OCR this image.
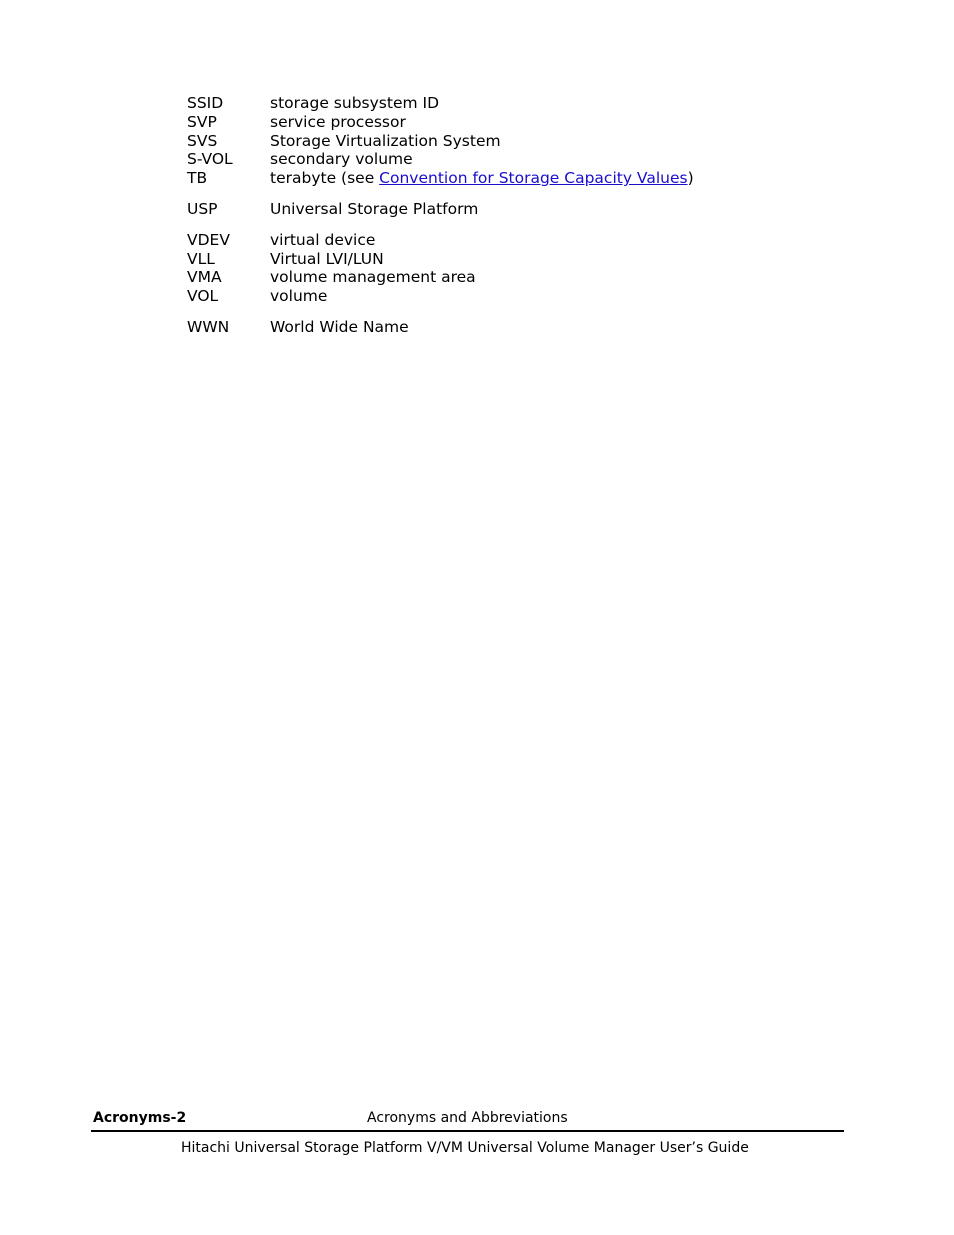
SSID	storage subsystem ID
SVP	service processor
SVS	Storage Virtualization System
S-VOL	secondary volume
TB	terabyte (see Convention for Storage Capacity Values)
USP	Universal Storage Platform
VDEV	virtual device
VLL	Virtual LVI/LUN
VMA	volume management area
VOL	volume
WWN	World Wide Name
Acronyms-2	Acronyms and Abbreviations
Hitachi Universal Storage Platform V/VM Universal Volume Manager User’s Guide
